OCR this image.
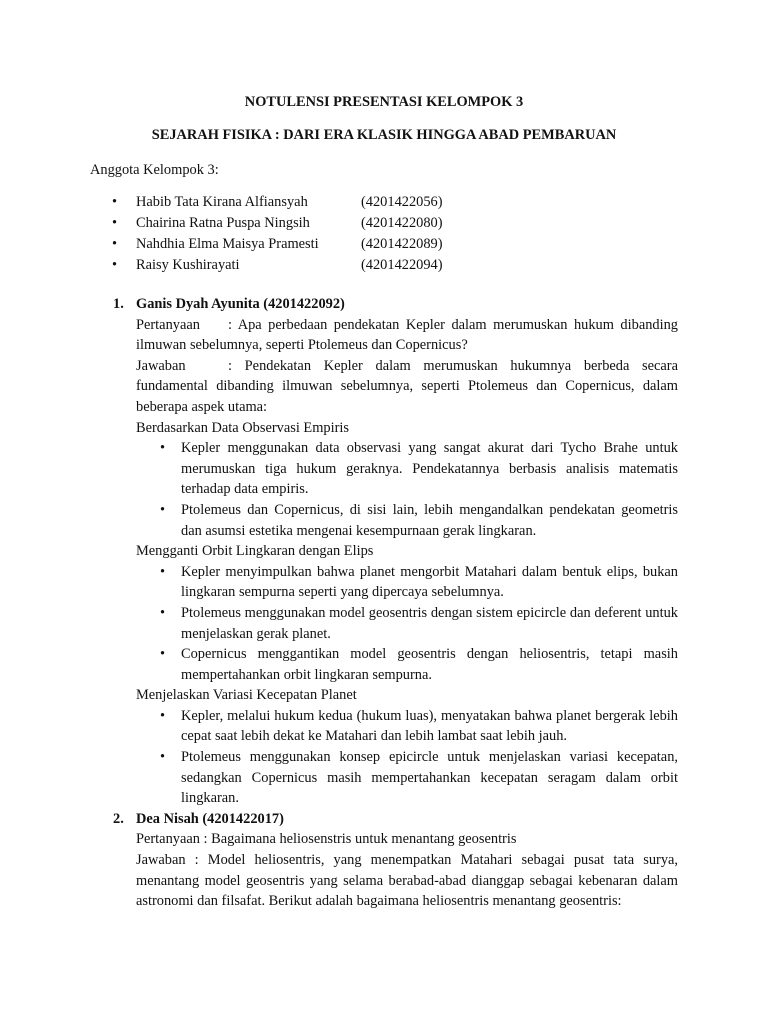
NOTULENSI PRESENTASI KELOMPOK 3
SEJARAH FISIKA : DARI ERA KLASIK HINGGA ABAD PEMBARUAN
Anggota Kelompok 3:
• Habib Tata Kirana Alfiansyah	(4201422056)
• Chairina Ratna Puspa Ningsih	(4201422080)
• Nahdhia Elma Maisya Pramesti	(4201422089)
• Raisy Kushirayati	(4201422094)
1. Ganis Dyah Ayunita (4201422092)
Pertanyaan : Apa perbedaan pendekatan Kepler dalam merumuskan hukum dibanding ilmuwan sebelumnya, seperti Ptolemeus dan Copernicus?
Jawaban	: Pendekatan Kepler dalam merumuskan hukumnya berbeda secara fundamental dibanding ilmuwan sebelumnya, seperti Ptolemeus dan Copernicus, dalam beberapa aspek utama:
Berdasarkan Data Observasi Empiris
• Kepler menggunakan data observasi yang sangat akurat dari Tycho Brahe untuk merumuskan tiga hukum geraknya. Pendekatannya berbasis analisis matematis terhadap data empiris.
• Ptolemeus dan Copernicus, di sisi lain, lebih mengandalkan pendekatan geometris dan asumsi estetika mengenai kesempurnaan gerak lingkaran.
Mengganti Orbit Lingkaran dengan Elips
• Kepler menyimpulkan bahwa planet mengorbit Matahari dalam bentuk elips, bukan lingkaran sempurna seperti yang dipercaya sebelumnya.
• Ptolemeus menggunakan model geosentris dengan sistem epicircle dan deferent untuk menjelaskan gerak planet.
• Copernicus menggantikan model geosentris dengan heliosentris, tetapi masih mempertahankan orbit lingkaran sempurna.
Menjelaskan Variasi Kecepatan Planet
• Kepler, melalui hukum kedua (hukum luas), menyatakan bahwa planet bergerak lebih cepat saat lebih dekat ke Matahari dan lebih lambat saat lebih jauh.
• Ptolemeus menggunakan konsep epicircle untuk menjelaskan variasi kecepatan, sedangkan Copernicus masih mempertahankan kecepatan seragam dalam orbit lingkaran.
2. Dea Nisah (4201422017)
Pertanyaan : Bagaimana heliosenstris untuk menantang geosentris
Jawaban : Model heliosentris, yang menempatkan Matahari sebagai pusat tata surya, menantang model geosentris yang selama berabad-abad dianggap sebagai kebenaran dalam astronomi dan filsafat. Berikut adalah bagaimana heliosentris menantang geosentris:
